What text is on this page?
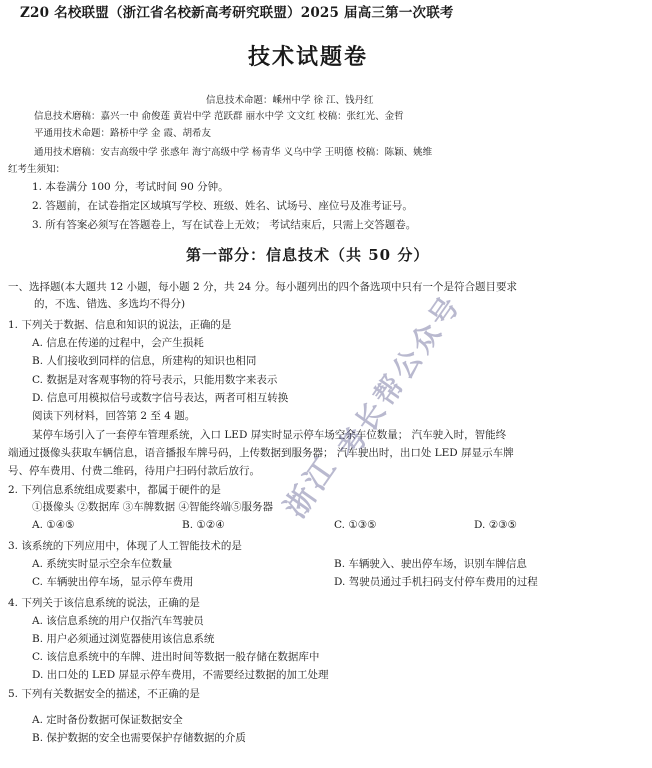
Z20 名校联盟（浙江省名校新高考研究联盟）2025 届高三第一次联考
技术试题卷
信息技术命题：嵊州中学 徐 江、钱丹红
信息技术磨稿：嘉兴一中 俞俊莲 黄岩中学 范跃群 丽水中学 文文红 校稿：张红光、金哲
平通用技术命题：路桥中学 金 霞、胡希友
通用技术磨稿：安吉高级中学 张惑年 海宁高级中学 杨青华 义乌中学 王明德 校稿：陈颖、姚维
红考生须知：
1. 本卷满分 100 分，考试时间 90 分钟。
2. 答题前，在试卷指定区域填写学校、班级、姓名、试场号、座位号及准考证号。
3. 所有答案必须写在答题卷上，写在试卷上无效； 考试结束后，只需上交答题卷。
第一部分：信息技术（共 50 分）
一、选择题(本大题共 12 小题，每小题 2 分，共 24 分。每小题列出的四个备选项中只有一个是符合题目要求
的，不选、错选、多选均不得分)
1. 下列关于数据、信息和知识的说法，正确的是
A. 信息在传递的过程中，会产生损耗
B. 人们接收到同样的信息，所建构的知识也相同
C. 数据是对客观事物的符号表示，只能用数字来表示
D. 信息可用模拟信号或数字信号表达，两者可相互转换
阅读下列材料，回答第 2 至 4 题。
某停车场引入了一套停车管理系统，入口 LED 屏实时显示停车场空余车位数量； 汽车驶入时，智能终
端通过摄像头获取车辆信息，语音播报车牌号码，上传数据到服务器； 汽车驶出时，出口处 LED 屏显示车牌
号、停车费用、付费二维码，待用户扫码付款后放行。
2. 下列信息系统组成要素中，都属于硬件的是
①摄像头 ②数据库 ③车牌数据 ④智能终端⑤服务器
A. ①④⑤	B. ①②④	C. ①③⑤	D. ②③⑤
3. 该系统的下列应用中，体现了人工智能技术的是
A. 系统实时显示空余车位数量	B. 车辆驶入、驶出停车场，识别车牌信息
C. 车辆驶出停车场，显示停车费用	D. 驾驶员通过手机扫码支付停车费用的过程
4. 下列关于该信息系统的说法，正确的是
A. 该信息系统的用户仅指汽车驾驶员
B. 用户必须通过浏览器使用该信息系统
C. 该信息系统中的车牌、进出时间等数据一般存储在数据库中
D. 出口处的 LED 屏显示停车费用，不需要经过数据的加工处理
5. 下列有关数据安全的描述，不正确的是
A. 定时备份数据可保证数据安全
B. 保护数据的安全也需要保护存储数据的介质
浙江
考长帮公众号
